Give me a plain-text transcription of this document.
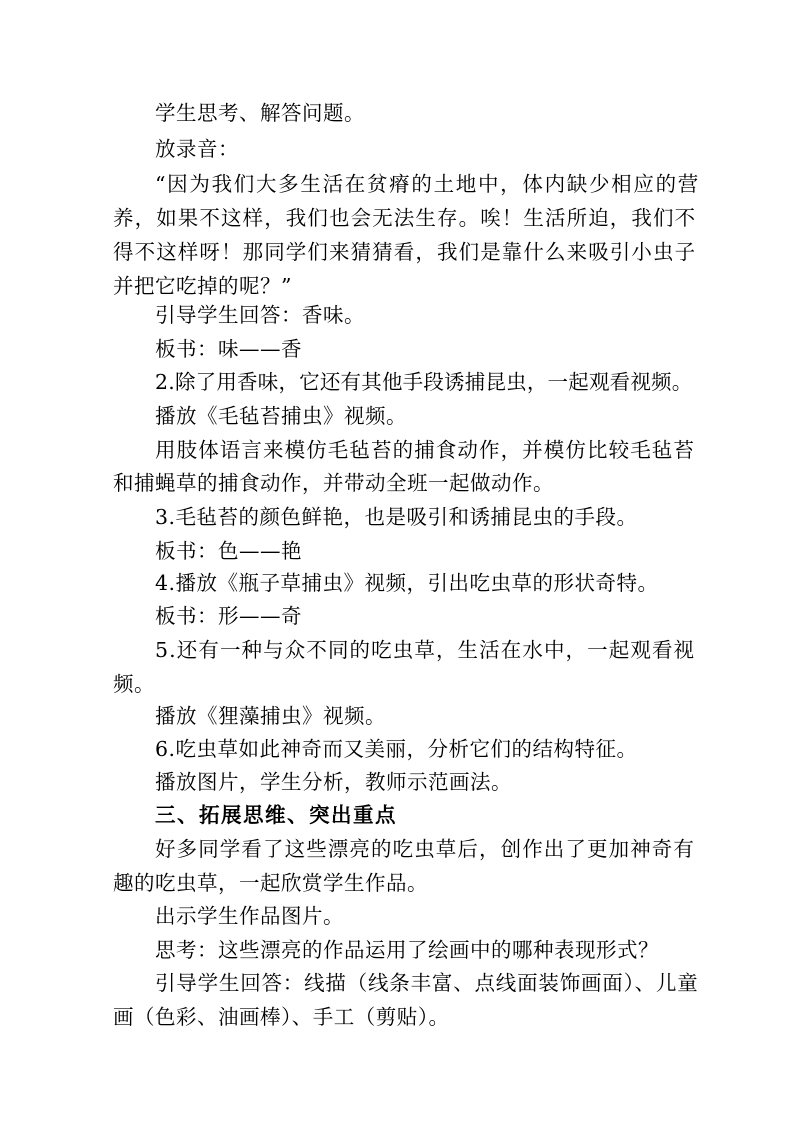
学生思考、解答问题。
放录音：
“因为我们大多生活在贫瘠的土地中，体内缺少相应的营
养，如果不这样，我们也会无法生存。唉！生活所迫，我们不
得不这样呀！那同学们来猜猜看，我们是靠什么来吸引小虫子
并把它吃掉的呢？”
引导学生回答：香味。
板书：味——香
2.除了用香味，它还有其他手段诱捕昆虫，一起观看视频。
播放《毛毡苔捕虫》视频。
用肢体语言来模仿毛毡苔的捕食动作，并模仿比较毛毡苔
和捕蝇草的捕食动作，并带动全班一起做动作。
3.毛毡苔的颜色鲜艳，也是吸引和诱捕昆虫的手段。
板书：色——艳
4.播放《瓶子草捕虫》视频，引出吃虫草的形状奇特。
板书：形——奇
5.还有一种与众不同的吃虫草，生活在水中，一起观看视
频。
播放《狸藻捕虫》视频。
6.吃虫草如此神奇而又美丽，分析它们的结构特征。
播放图片，学生分析，教师示范画法。
三、拓展思维、突出重点
好多同学看了这些漂亮的吃虫草后，创作出了更加神奇有
趣的吃虫草，一起欣赏学生作品。
出示学生作品图片。
思考：这些漂亮的作品运用了绘画中的哪种表现形式？
引导学生回答：线描（线条丰富、点线面装饰画面）、儿童
画（色彩、油画棒）、手工（剪贴）。
